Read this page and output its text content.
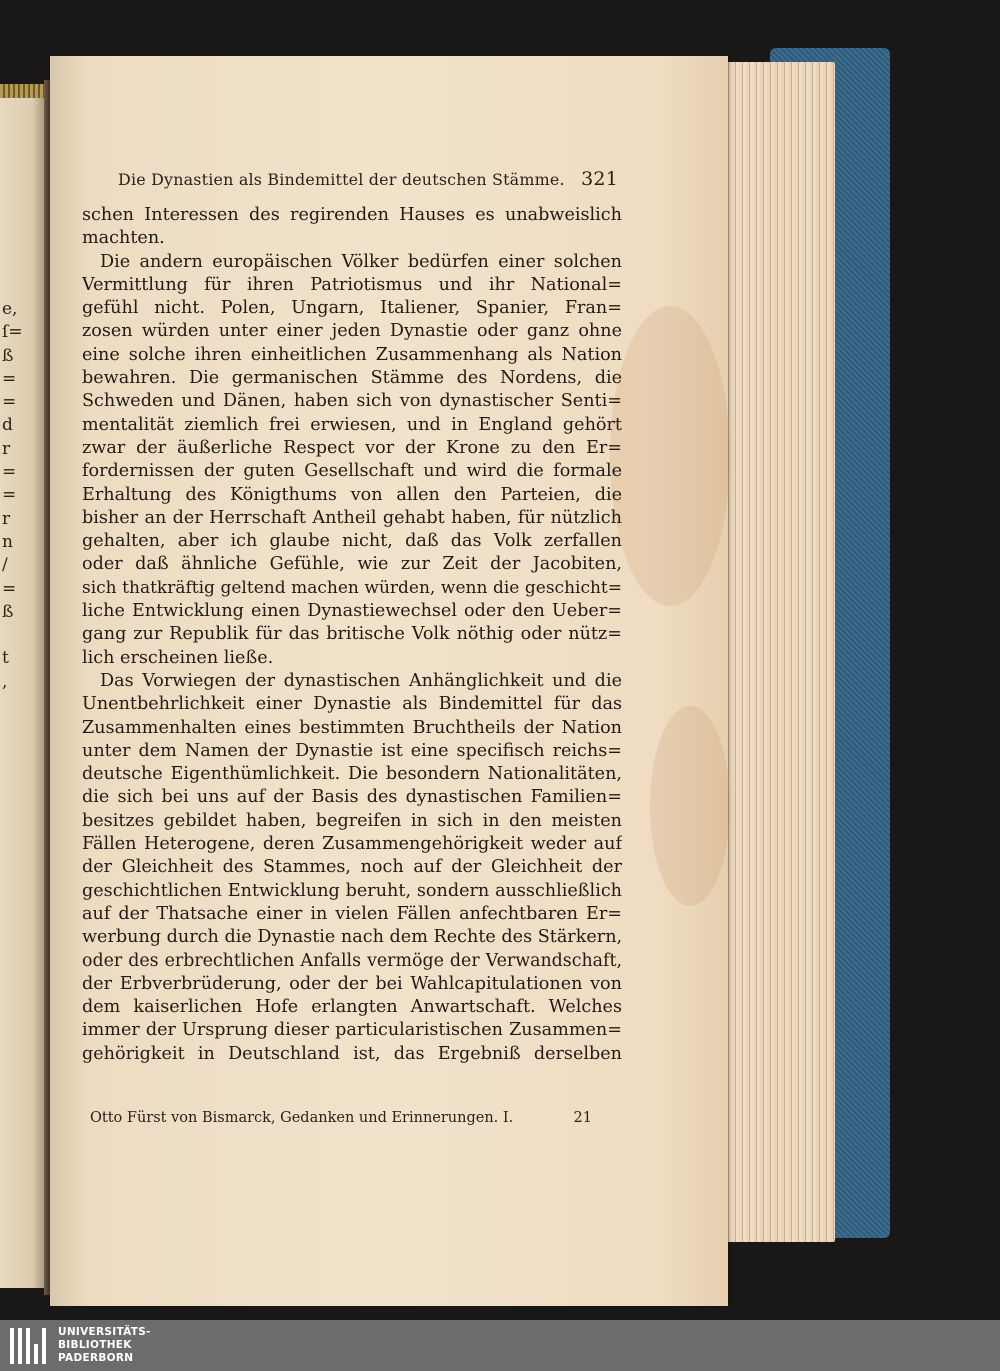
e,
ſ=
ß
=
=
d
r
=
=
r
n
/
=
ß
t
,
Die Dynastien als Bindemittel der deutschen Stämme. 321
schen Interessen des regirenden Hauses es unabweislich
machten.
Die andern europäischen Völker bedürfen einer solchen
Vermittlung für ihren Patriotismus und ihr National=
gefühl nicht. Polen, Ungarn, Italiener, Spanier, Fran=
zosen würden unter einer jeden Dynastie oder ganz ohne
eine solche ihren einheitlichen Zusammenhang als Nation
bewahren. Die germanischen Stämme des Nordens, die
Schweden und Dänen, haben sich von dynastischer Senti=
mentalität ziemlich frei erwiesen, und in England gehört
zwar der äußerliche Respect vor der Krone zu den Er=
fordernissen der guten Gesellschaft und wird die formale
Erhaltung des Königthums von allen den Parteien, die
bisher an der Herrschaft Antheil gehabt haben, für nützlich
gehalten, aber ich glaube nicht, daß das Volk zerfallen
oder daß ähnliche Gefühle, wie zur Zeit der Jacobiten,
sich thatkräftig geltend machen würden, wenn die geschicht=
liche Entwicklung einen Dynastiewechsel oder den Ueber=
gang zur Republik für das britische Volk nöthig oder nütz=
lich erscheinen ließe.
Das Vorwiegen der dynastischen Anhänglichkeit und die
Unentbehrlichkeit einer Dynastie als Bindemittel für das
Zusammenhalten eines bestimmten Bruchtheils der Nation
unter dem Namen der Dynastie ist eine specifisch reichs=
deutsche Eigenthümlichkeit. Die besondern Nationalitäten,
die sich bei uns auf der Basis des dynastischen Familien=
besitzes gebildet haben, begreifen in sich in den meisten
Fällen Heterogene, deren Zusammengehörigkeit weder auf
der Gleichheit des Stammes, noch auf der Gleichheit der
geschichtlichen Entwicklung beruht, sondern ausschließlich
auf der Thatsache einer in vielen Fällen anfechtbaren Er=
werbung durch die Dynastie nach dem Rechte des Stärkern,
oder des erbrechtlichen Anfalls vermöge der Verwandschaft,
der Erbverbrüderung, oder der bei Wahlcapitulationen von
dem kaiserlichen Hofe erlangten Anwartschaft. Welches
immer der Ursprung dieser particularistischen Zusammen=
gehörigkeit in Deutschland ist, das Ergebniß derselben
Otto Fürst von Bismarck, Gedanken und Erinnerungen. I.	21
UNIVERSITÄTS-
BIBLIOTHEK
PADERBORN
